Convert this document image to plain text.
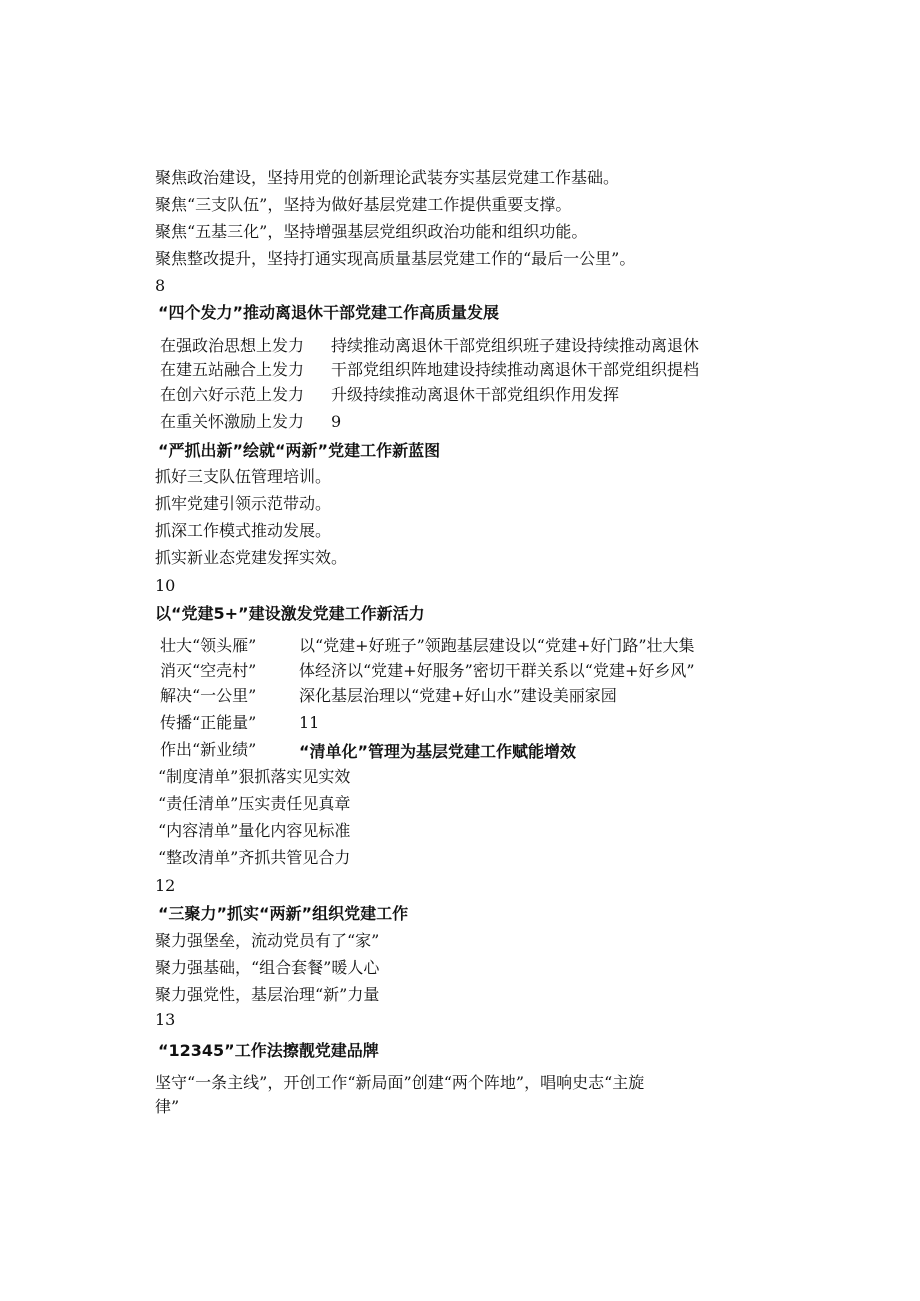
聚焦政治建设，坚持用党的创新理论武装夯实基层党建工作基础。
聚焦“三支队伍”，坚持为做好基层党建工作提供重要支撑。
聚焦“五基三化”，坚持增强基层党组织政治功能和组织功能。
聚焦整改提升，坚持打通实现高质量基层党建工作的“最后一公里”。
8
“四个发力”推动离退休干部党建工作高质量发展
在强政治思想上发力
在建五站融合上发力
在创六好示范上发力
在重关怀激励上发力
持续推动离退休干部党组织班子建设持续推动离退休
干部党组织阵地建设持续推动离退休干部党组织提档
升级持续推动离退休干部党组织作用发挥
9
“严抓出新”绘就“两新”党建工作新蓝图
抓好三支队伍管理培训。
抓牢党建引领示范带动。
抓深工作模式推动发展。
抓实新业态党建发挥实效。
10
以“党建5+”建设激发党建工作新活力
壮大“领头雁”
消灭“空壳村”
解决“一公里”
传播“正能量”
作出“新业绩”
以“党建+好班子”领跑基层建设以“党建+好门路”壮大集
体经济以“党建+好服务”密切干群关系以“党建+好乡风”
深化基层治理以“党建+好山水”建设美丽家园
11
“清单化”管理为基层党建工作赋能增效
“制度清单”狠抓落实见实效
“责任清单”压实责任见真章
“内容清单”量化内容见标准
“整改清单”齐抓共管见合力
12
“三聚力”抓实“两新”组织党建工作
聚力强堡垒，流动党员有了“家”
聚力强基础，“组合套餐”暖人心
聚力强党性，基层治理“新”力量
13
“12345”工作法擦靓党建品牌
坚守“一条主线”，开创工作“新局面”创建“两个阵地”，唱响史志“主旋
律”
